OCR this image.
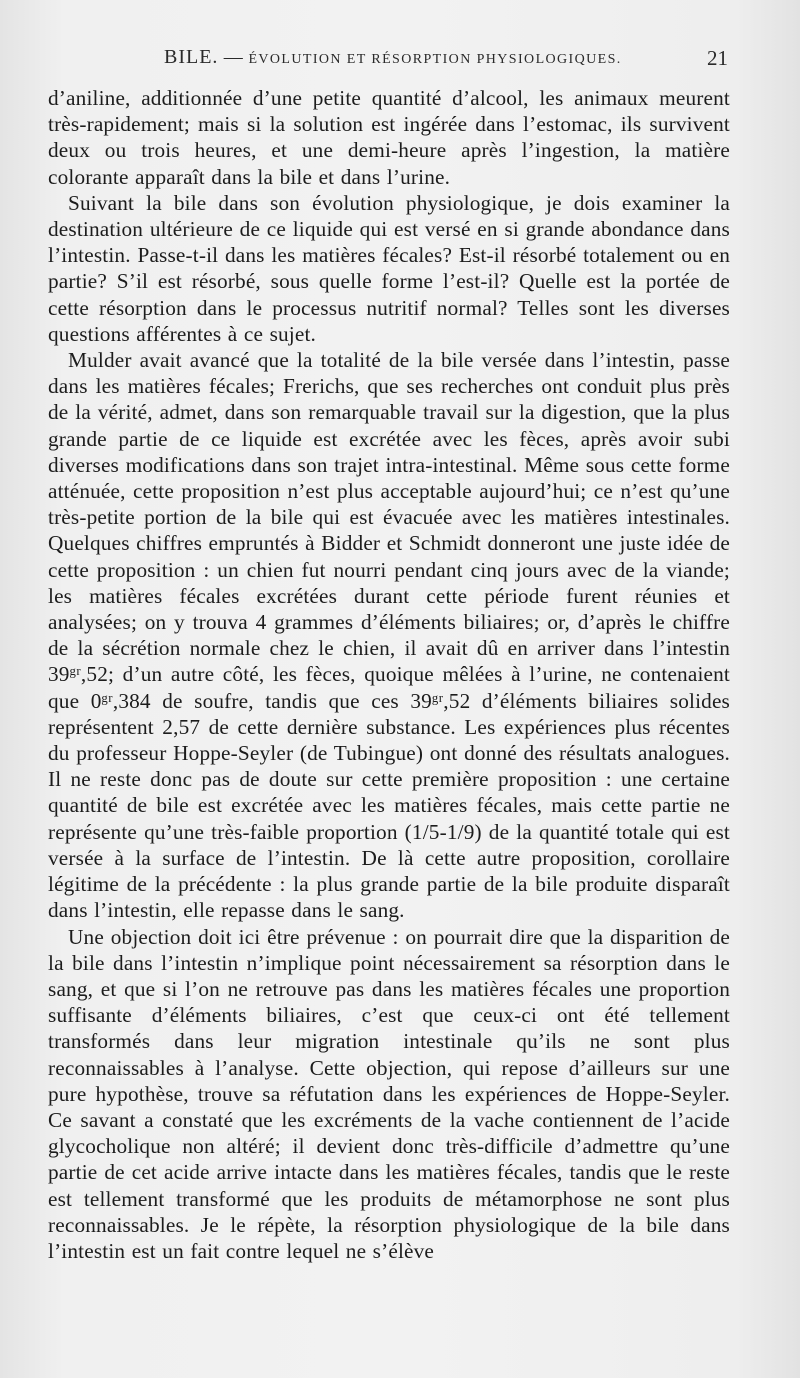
BILE. — ÉVOLUTION ET RÉSORPTION PHYSIOLOGIQUES.	21

d’aniline, additionnée d’une petite quantité d’alcool, les animaux meurent très-rapidement; mais si la solution est ingérée dans l’estomac, ils survivent deux ou trois heures, et une demi-heure après l’ingestion, la matière colorante apparaît dans la bile et dans l’urine.

Suivant la bile dans son évolution physiologique, je dois examiner la destination ultérieure de ce liquide qui est versé en si grande abondance dans l’intestin. Passe-t-il dans les matières fécales? Est-il résorbé totalement ou en partie? S’il est résorbé, sous quelle forme l’est-il? Quelle est la portée de cette résorption dans le processus nutritif normal? Telles sont les diverses questions afférentes à ce sujet.

Mulder avait avancé que la totalité de la bile versée dans l’intestin, passe dans les matières fécales; Frerichs, que ses recherches ont conduit plus près de la vérité, admet, dans son remarquable travail sur la digestion, que la plus grande partie de ce liquide est excrétée avec les fèces, après avoir subi diverses modifications dans son trajet intra-intestinal. Même sous cette forme atténuée, cette proposition n’est plus acceptable aujourd’hui; ce n’est qu’une très-petite portion de la bile qui est évacuée avec les matières intestinales. Quelques chiffres empruntés à Bidder et Schmidt donneront une juste idée de cette proposition : un chien fut nourri pendant cinq jours avec de la viande; les matières fécales excrétées durant cette période furent réunies et analysées; on y trouva 4 grammes d’éléments biliaires; or, d’après le chiffre de la sécrétion normale chez le chien, il avait dû en arriver dans l’intestin 39ᵍʳ,52; d’un autre côté, les fèces, quoique mêlées à l’urine, ne contenaient que 0ᵍʳ,384 de soufre, tandis que ces 39ᵍʳ,52 d’éléments biliaires solides représentent 2,57 de cette dernière substance. Les expériences plus récentes du professeur Hoppe-Seyler (de Tubingue) ont donné des résultats analogues. Il ne reste donc pas de doute sur cette première proposition : une certaine quantité de bile est excrétée avec les matières fécales, mais cette partie ne représente qu’une très-faible proportion (1/5-1/9) de la quantité totale qui est versée à la surface de l’intestin. De là cette autre proposition, corollaire légitime de la précédente : la plus grande partie de la bile produite disparaît dans l’intestin, elle repasse dans le sang.

Une objection doit ici être prévenue : on pourrait dire que la disparition de la bile dans l’intestin n’implique point nécessairement sa résorption dans le sang, et que si l’on ne retrouve pas dans les matières fécales une proportion suffisante d’éléments biliaires, c’est que ceux-ci ont été tellement transformés dans leur migration intestinale qu’ils ne sont plus reconnaissables à l’analyse. Cette objection, qui repose d’ailleurs sur une pure hypothèse, trouve sa réfutation dans les expériences de Hoppe-Seyler. Ce savant a constaté que les excréments de la vache contiennent de l’acide glycocholique non altéré; il devient donc très-difficile d’admettre qu’une partie de cet acide arrive intacte dans les matières fécales, tandis que le reste est tellement transformé que les produits de métamorphose ne sont plus reconnaissables. Je le répète, la résorption physiologique de la bile dans l’intestin est un fait contre lequel ne s’élève
